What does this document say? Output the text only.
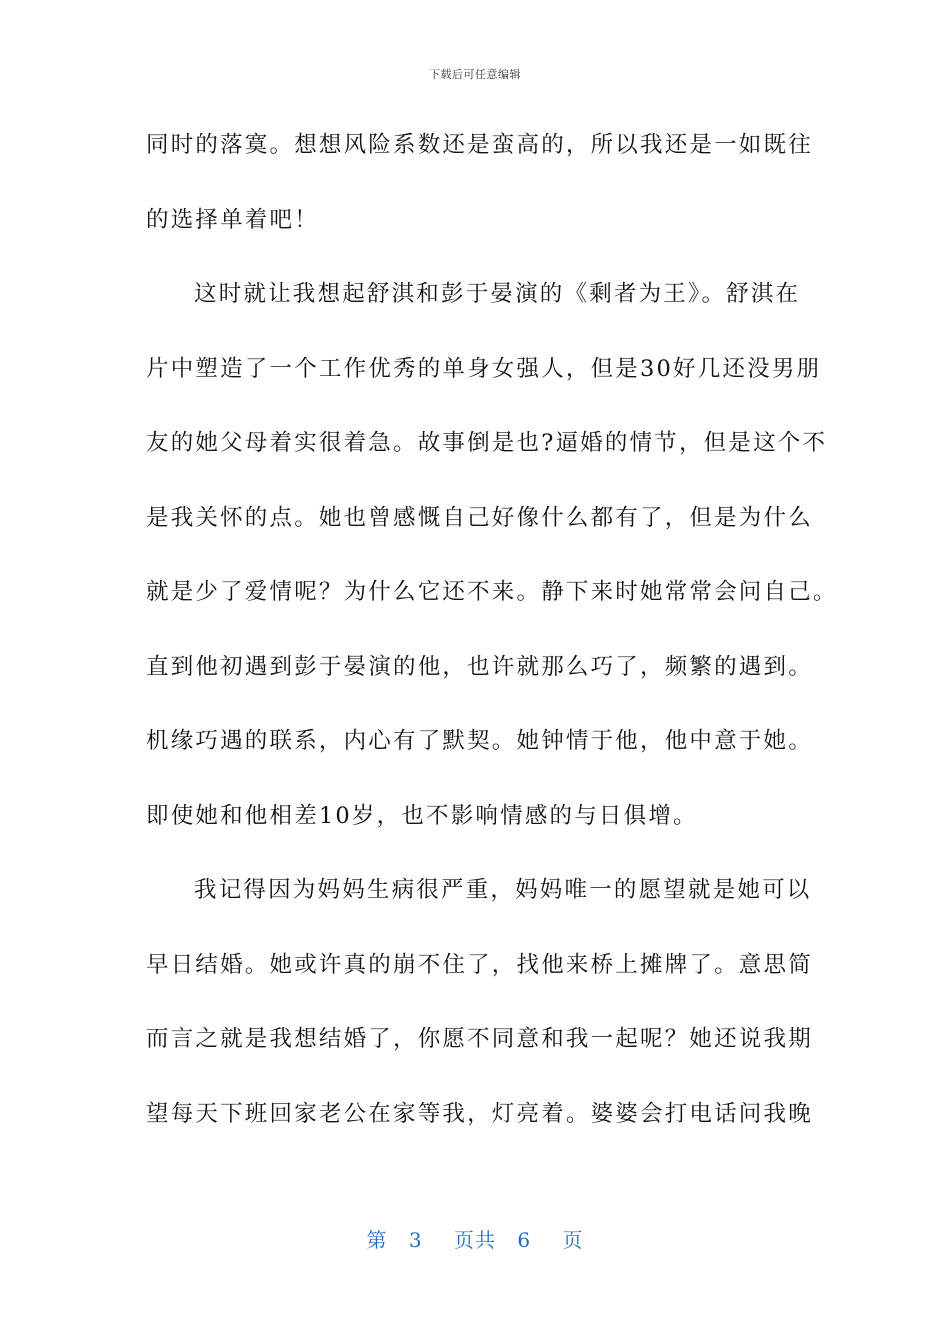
下载后可任意编辑
同时的落寞。想想风险系数还是蛮高的，所以我还是一如既往
的选择单着吧！
这时就让我想起舒淇和彭于晏演的《剩者为王》。舒淇在
片中塑造了一个工作优秀的单身女强人，但是30好几还没男朋
友的她父母着实很着急。故事倒是也?逼婚的情节，但是这个不
是我关怀的点。她也曾感慨自己好像什么都有了，但是为什么
就是少了爱情呢？为什么它还不来。静下来时她常常会问自己。
直到他初遇到彭于晏演的他，也许就那么巧了，频繁的遇到。
机缘巧遇的联系，内心有了默契。她钟情于他，他中意于她。
即使她和他相差10岁，也不影响情感的与日俱增。
我记得因为妈妈生病很严重，妈妈唯一的愿望就是她可以
早日结婚。她或许真的崩不住了，找他来桥上摊牌了。意思简
而言之就是我想结婚了，你愿不同意和我一起呢？她还说我期
望每天下班回家老公在家等我，灯亮着。婆婆会打电话问我晚
第 3 页共 6 页
